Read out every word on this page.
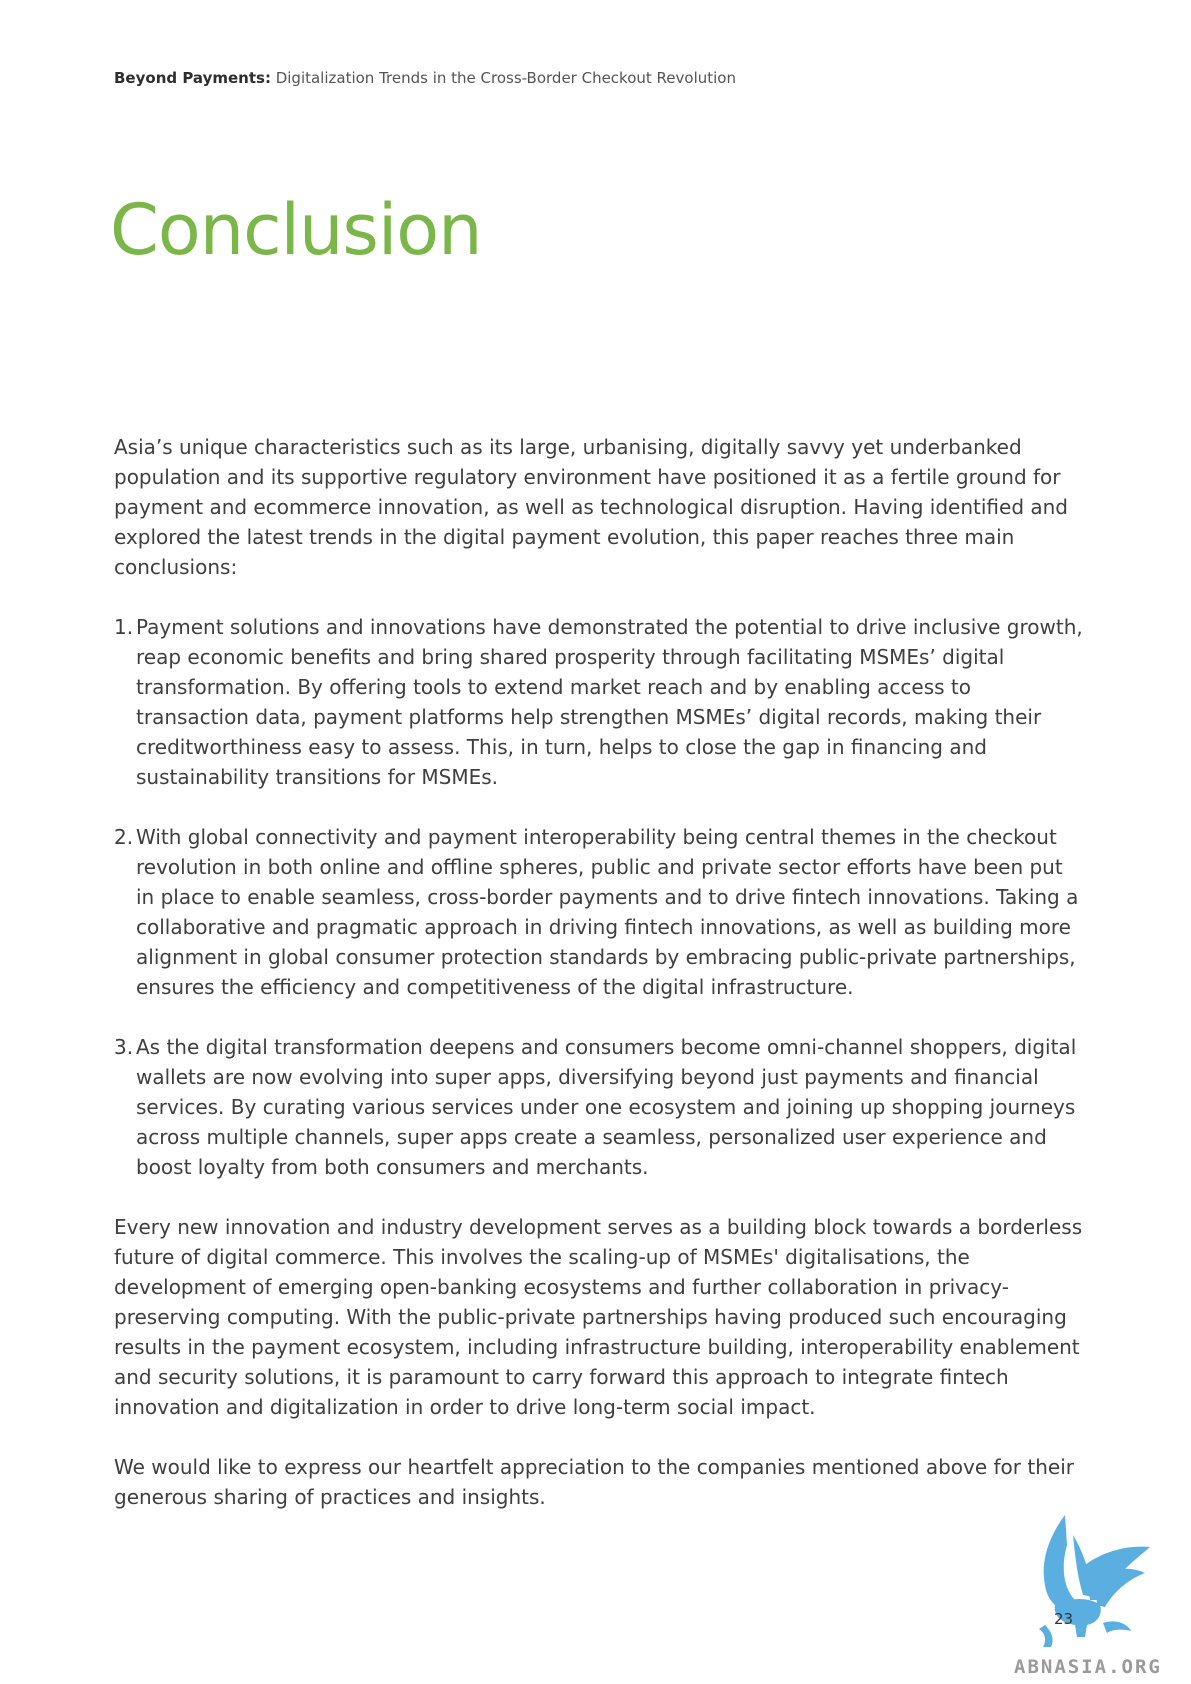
Beyond Payments: Digitalization Trends in the Cross-Border Checkout Revolution
Conclusion

Asia’s unique characteristics such as its large, urbanising, digitally savvy yet underbanked population and its supportive regulatory environment have positioned it as a fertile ground for payment and ecommerce innovation, as well as technological disruption. Having identified and explored the latest trends in the digital payment evolution, this paper reaches three main conclusions:

1. Payment solutions and innovations have demonstrated the potential to drive inclusive growth, reap economic benefits and bring shared prosperity through facilitating MSMEs’ digital transformation. By offering tools to extend market reach and by enabling access to transaction data, payment platforms help strengthen MSMEs’ digital records, making their creditworthiness easy to assess. This, in turn, helps to close the gap in financing and sustainability transitions for MSMEs.
2. With global connectivity and payment interoperability being central themes in the checkout revolution in both online and offline spheres, public and private sector efforts have been put in place to enable seamless, cross-border payments and to drive fintech innovations. Taking a collaborative and pragmatic approach in driving fintech innovations, as well as building more alignment in global consumer protection standards by embracing public-private partnerships, ensures the efficiency and competitiveness of the digital infrastructure.
3. As the digital transformation deepens and consumers become omni-channel shoppers, digital wallets are now evolving into super apps, diversifying beyond just payments and financial services. By curating various services under one ecosystem and joining up shopping journeys across multiple channels, super apps create a seamless, personalized user experience and boost loyalty from both consumers and merchants.

Every new innovation and industry development serves as a building block towards a borderless future of digital commerce. This involves the scaling-up of MSMEs' digitalisations, the development of emerging open-banking ecosystems and further collaboration in privacy-preserving computing. With the public-private partnerships having produced such encouraging results in the payment ecosystem, including infrastructure building, interoperability enablement and security solutions, it is paramount to carry forward this approach to integrate fintech innovation and digitalization in order to drive long-term social impact.

We would like to express our heartfelt appreciation to the companies mentioned above for their generous sharing of practices and insights.

23
ABNASIA.ORG
